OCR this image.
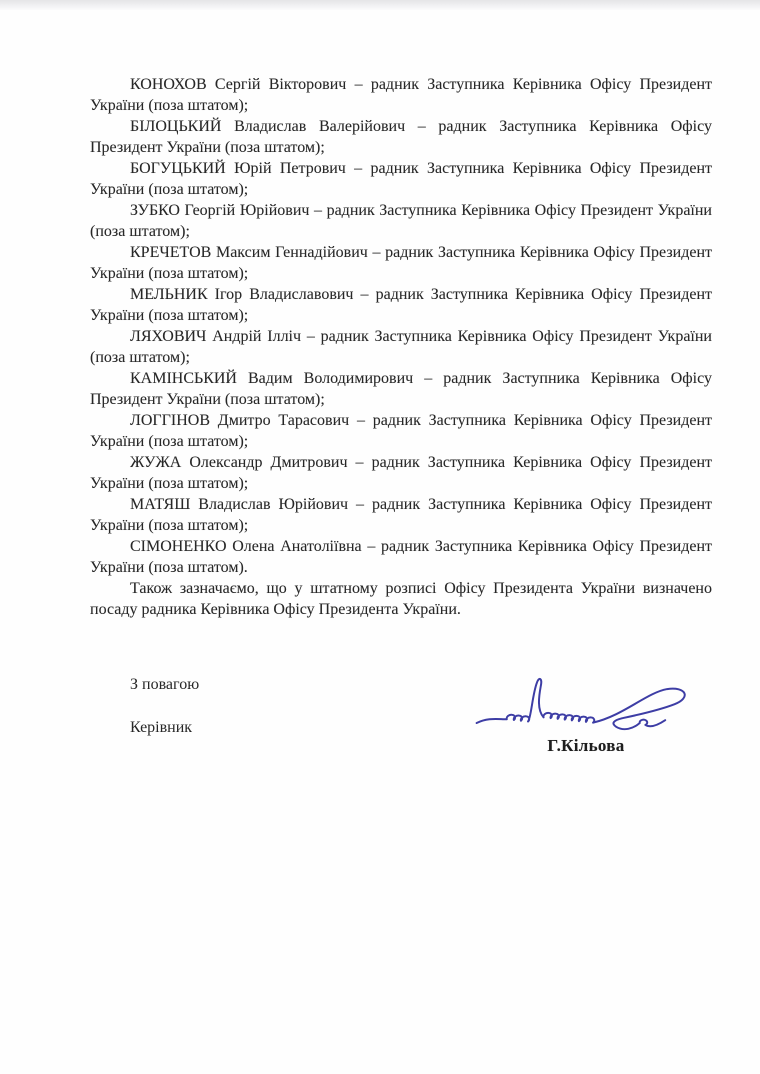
КОНОХОВ Сергій Вікторович – радник Заступника Керівника Офісу Президент України (поза штатом);

БІЛОЦЬКИЙ Владислав Валерійович – радник Заступника Керівника Офісу Президент України (поза штатом);

БОГУЦЬКИЙ Юрій Петрович – радник Заступника Керівника Офісу Президент України (поза штатом);

ЗУБКО Георгій Юрійович – радник Заступника Керівника Офісу Президент України (поза штатом);

КРЕЧЕТОВ Максим Геннадійович – радник Заступника Керівника Офісу Президент України (поза штатом);

МЕЛЬНИК Ігор Владиславович – радник Заступника Керівника Офісу Президент України (поза штатом);

ЛЯХОВИЧ Андрій Ілліч – радник Заступника Керівника Офісу Президент України (поза штатом);

КАМІНСЬКИЙ Вадим Володимирович – радник Заступника Керівника Офісу Президент України (поза штатом);

ЛОГГІНОВ Дмитро Тарасович – радник Заступника Керівника Офісу Президент України (поза штатом);

ЖУЖА Олександр Дмитрович – радник Заступника Керівника Офісу Президент України (поза штатом);

МАТЯШ Владислав Юрійович – радник Заступника Керівника Офісу Президент України (поза штатом);

СІМОНЕНКО Олена Анатоліївна – радник Заступника Керівника Офісу Президент України (поза штатом).

Також зазначаємо, що у штатному розписі Офісу Президента України визначено посаду радника Керівника Офісу Президента України.

З повагою
Керівник
Г.Кільова
